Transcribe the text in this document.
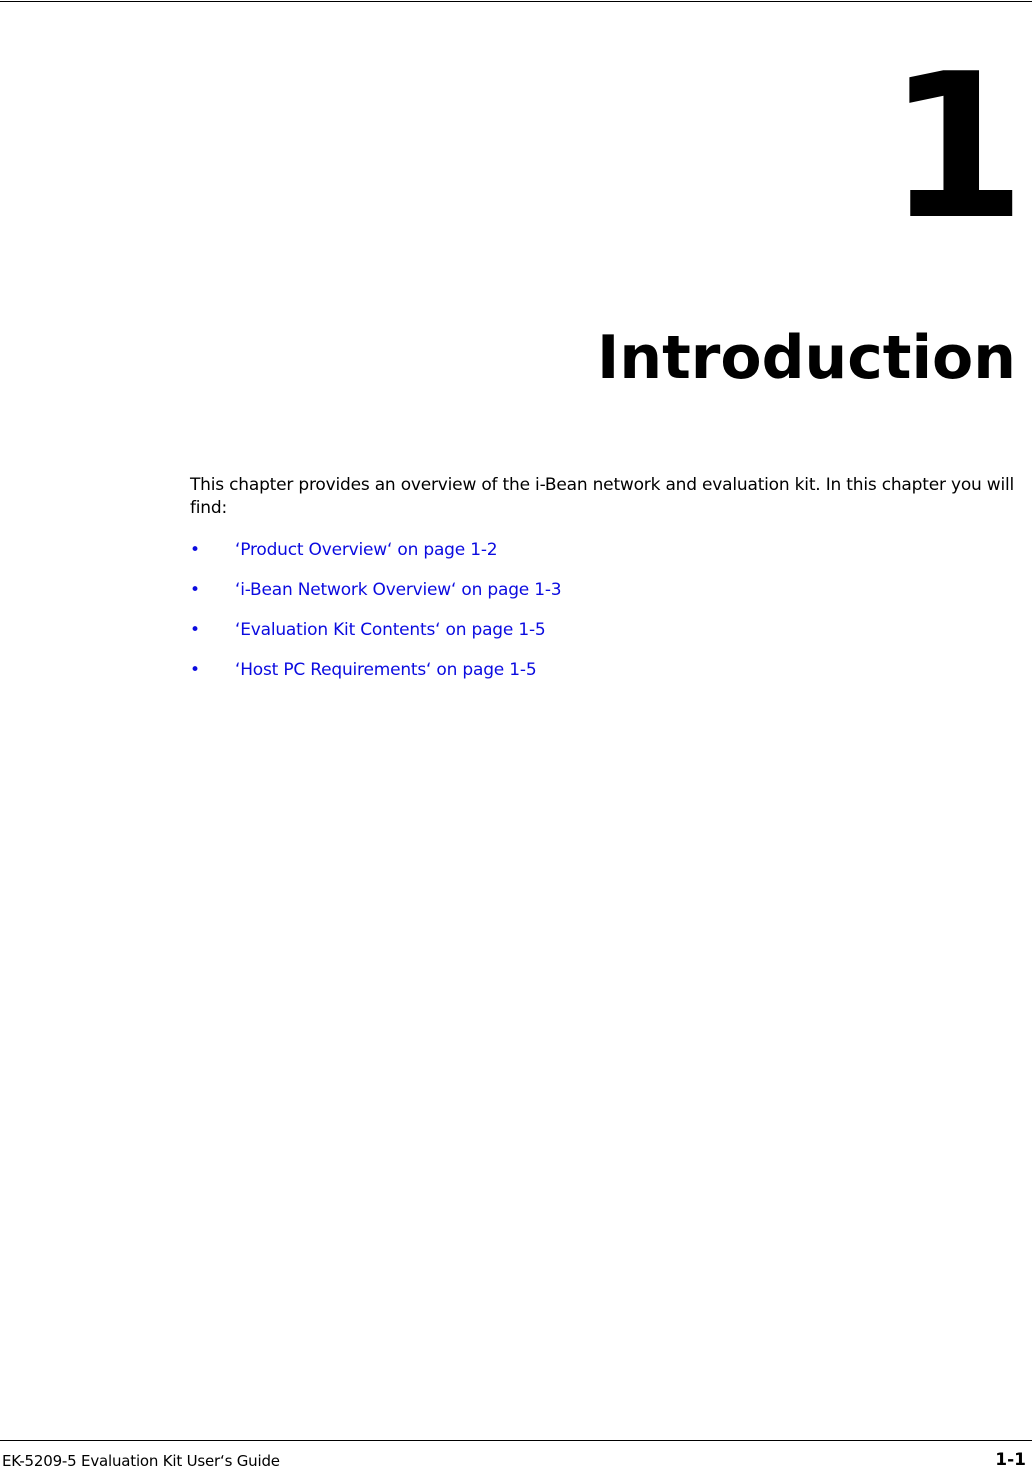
1
Introduction

This chapter provides an overview of the i-Bean network and evaluation kit. In this chapter you will find:

•	‘Product Overview‘ on page 1-2
•	‘i-Bean Network Overview‘ on page 1-3
•	‘Evaluation Kit Contents‘ on page 1-5
•	‘Host PC Requirements‘ on page 1-5
EK-5209-5 Evaluation Kit User‘s Guide	1-1
